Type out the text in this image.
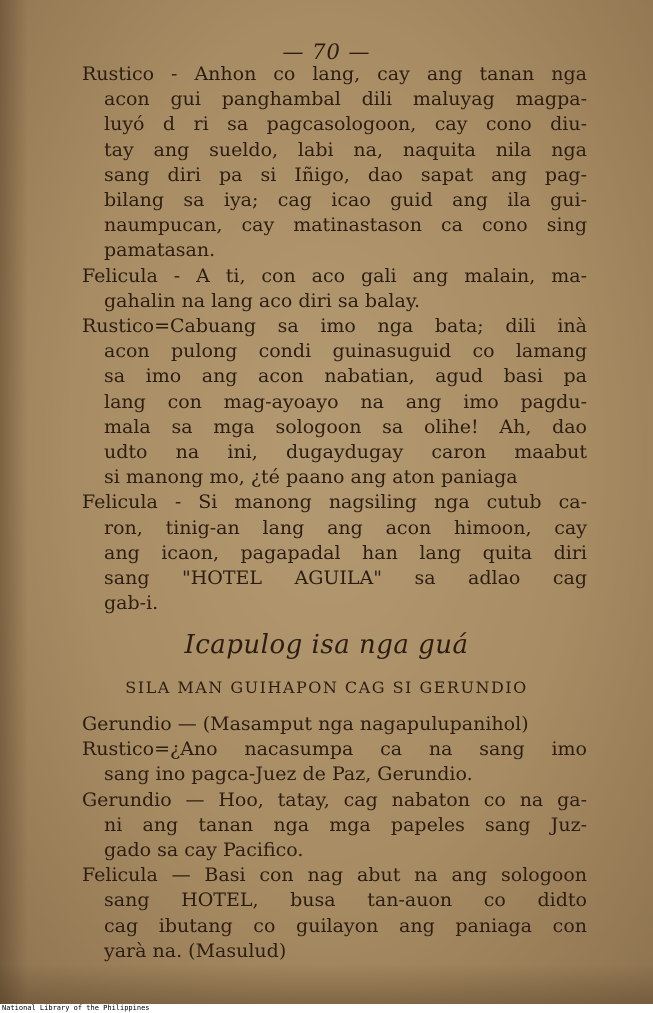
— 70 —
Rustico - Anhon co lang, cay ang tanan nga
acon gui panghambal dili maluyag magpa-
luyó d ri sa pagcasologoon, cay cono diu-
tay ang sueldo, labi na, naquita nila nga
sang diri pa si Iñigo, dao sapat ang pag-
bilang sa iya; cag icao guid ang ila gui-
naumpucan, cay matinastason ca cono sing
pamatasan.
Felicula - A ti, con aco gali ang malain, ma-
gahalin na lang aco diri sa balay.
Rustico=Cabuang sa imo nga bata; dili inà
acon pulong condi guinasuguid co lamang
sa imo ang acon nabatian, agud basi pa
lang con mag-ayoayo na ang imo pagdu-
mala sa mga sologoon sa olihe! Ah, dao
udto na ini, dugaydugay caron maabut
si manong mo, ¿té paano ang aton paniaga
Felicula - Si manong nagsiling nga cutub ca-
ron, tinig-an lang ang acon himoon, cay
ang icaon, pagapadal han lang quita diri
sang "HOTEL AGUILA" sa adlao cag
gab-i.
Icapulog isa nga guá
SILA MAN GUIHAPON CAG SI GERUNDIO
Gerundio — (Masamput nga nagapulupanihol)
Rustico=¿Ano nacasumpa ca na sang imo
sang ino pagca-Juez de Paz, Gerundio.
Gerundio — Hoo, tatay, cag nabaton co na ga-
ni ang tanan nga mga papeles sang Juz-
gado sa cay Pacifico.
Felicula — Basi con nag abut na ang sologoon
sang HOTEL, busa tan-auon co didto
cag ibutang co guilayon ang paniaga con
yarà na. (Masulud)
National Library of the Philippines
